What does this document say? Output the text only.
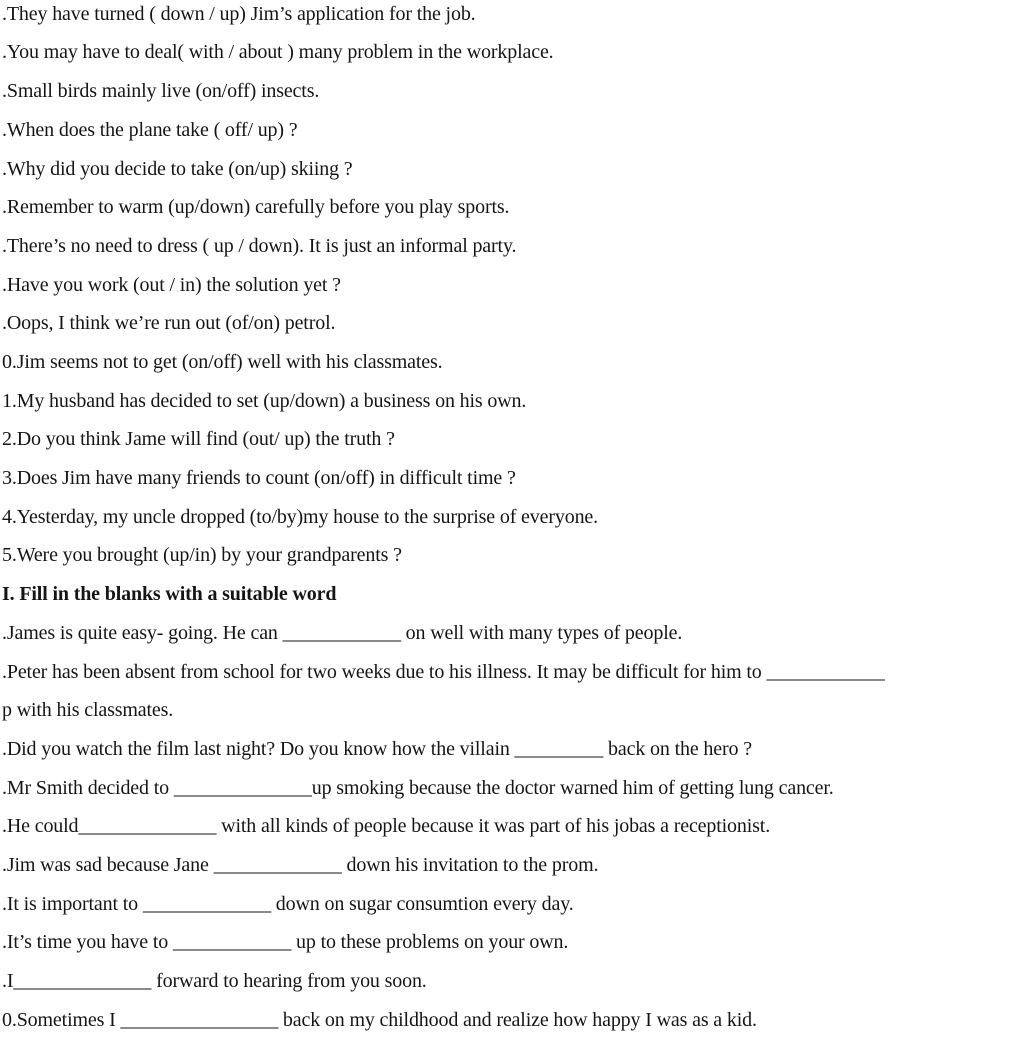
.They have turned ( down / up) Jim’s application for the job.
.You may have to deal( with / about ) many problem in the workplace.
.Small birds mainly live (on/off) insects.
.When does the plane take ( off/ up) ?
.Why did you decide to take (on/up) skiing ?
.Remember to warm (up/down) carefully before you play sports.
.There’s no need to dress ( up / down). It is just an informal party.
.Have you work (out / in) the solution yet ?
.Oops, I think we’re run out (of/on) petrol.
0.Jim seems not to get (on/off) well with his classmates.
1.My husband has decided to set (up/down) a business on his own.
2.Do you think Jame will find (out/ up) the truth ?
3.Does Jim have many friends to count (on/off) in difficult time ?
4.Yesterday, my uncle dropped (to/by)my house to the surprise of everyone.
5.Were you brought (up/in) by your grandparents ?
I. Fill in the blanks with a suitable word
.James is quite easy- going. He can ____________ on well with many types of people.
.Peter has been absent from school for two weeks due to his illness. It may be difficult for him to ____________
p with his classmates.
.Did you watch the film last night? Do you know how the villain _________ back on the hero ?
.Mr Smith decided to ______________up smoking because the doctor warned him of getting lung cancer.
.He could______________ with all kinds of people because it was part of his jobas a receptionist.
.Jim was sad because Jane _____________ down his invitation to the prom.
.It is important to _____________ down on sugar consumtion every day.
.It’s time you have to ____________ up to these problems on your own.
.I______________ forward to hearing from you soon.
0.Sometimes I ________________ back on my childhood and realize how happy I was as a kid.
